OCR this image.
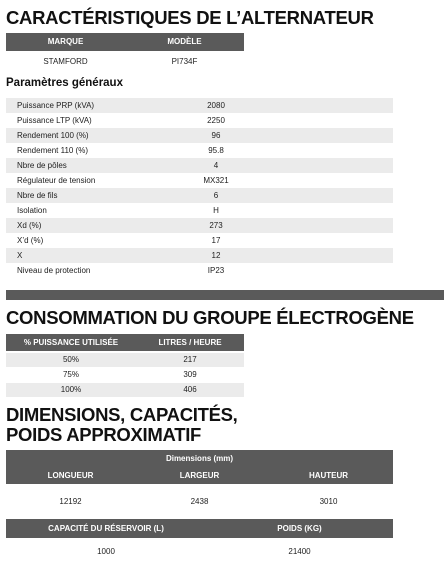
CARACTÉRISTIQUES DE L’ALTERNATEUR
MARQUE	MODÈLE
STAMFORD	PI734F
Paramètres généraux
Puissance PRP (kVA)	2080
Puissance LTP (kVA)	2250
Rendement 100 (%)	96
Rendement 110 (%)	95.8
Nbre de pôles	4
Régulateur de tension	MX321
Nbre de fils	6
Isolation	H
Xd (%)	273
X’d (%)	17
X	12
Niveau de protection	IP23
CONSOMMATION DU GROUPE ÉLECTROGÈNE
% PUISSANCE UTILISÉE	LITRES / HEURE
50%	217
75%	309
100%	406
DIMENSIONS, CAPACITÉS,
POIDS APPROXIMATIF
Dimensions (mm)
LONGUEUR	LARGEUR	HAUTEUR
12192	2438	3010
CAPACITÉ DU RÉSERVOIR (L)	POIDS (KG)
1000	21400
